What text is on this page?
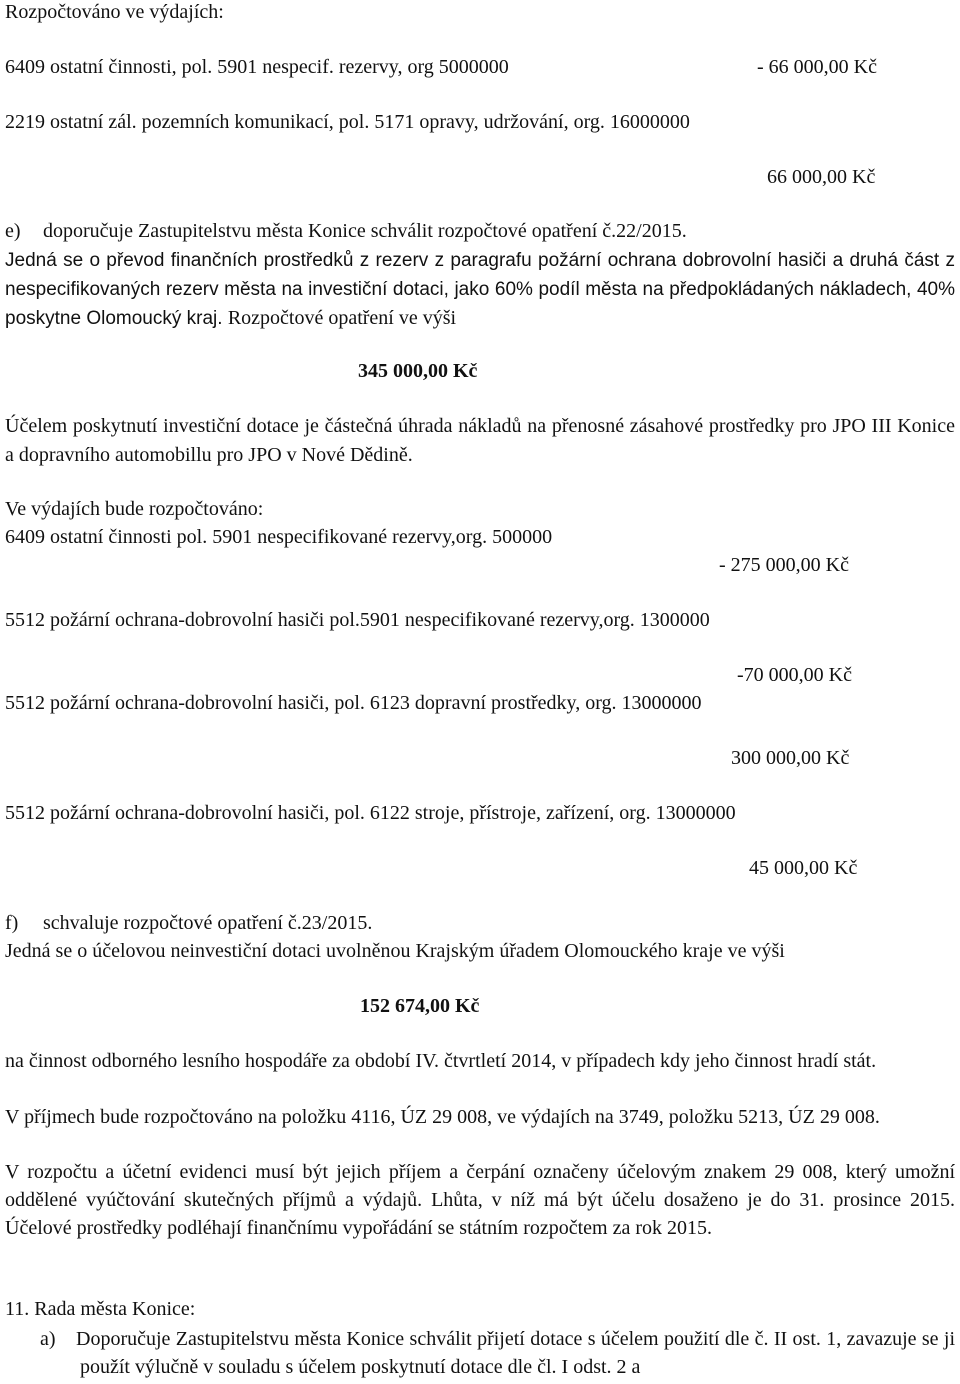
Rozpočtováno ve výdajích:
6409 ostatní činnosti, pol. 5901 nespecif. rezervy, org 5000000	- 66 000,00 Kč
2219 ostatní zál. pozemních komunikací, pol. 5171 opravy, udržování, org. 16000000
66 000,00 Kč
e) doporučuje Zastupitelstvu města Konice schválit rozpočtové opatření č.22/2015.
Jedná se o převod finančních prostředků z rezerv z paragrafu požární ochrana dobrovolní hasiči a druhá část z nespecifikovaných rezerv města na investiční dotaci, jako 60% podíl města na předpokládaných nákladech, 40% poskytne Olomoucký kraj. Rozpočtové opatření ve výši
345 000,00 Kč
Účelem poskytnutí investiční dotace je částečná úhrada nákladů na přenosné zásahové prostředky pro JPO III Konice a dopravního automobillu pro JPO v Nové Dědině.
Ve výdajích bude rozpočtováno:
6409 ostatní činnosti pol. 5901 nespecifikované rezervy,org. 500000
- 275 000,00 Kč
5512 požární ochrana-dobrovolní hasiči pol.5901 nespecifikované rezervy,org. 1300000
-70 000,00 Kč
5512 požární ochrana-dobrovolní hasiči, pol. 6123 dopravní prostředky, org. 13000000
300 000,00 Kč
5512 požární ochrana-dobrovolní hasiči, pol. 6122 stroje, přístroje, zařízení, org. 13000000
45 000,00 Kč
f) schvaluje rozpočtové opatření č.23/2015.
Jedná se o účelovou neinvestiční dotaci uvolněnou Krajským úřadem Olomouckého kraje ve výši
152 674,00 Kč
na činnost odborného lesního hospodáře za období IV. čtvrtletí 2014, v případech kdy jeho činnost hradí stát.
V příjmech bude rozpočtováno na položku 4116, ÚZ 29 008, ve výdajích na 3749, položku 5213, ÚZ 29 008.
V rozpočtu a účetní evidenci musí být jejich příjem a čerpání označeny účelovým znakem 29 008, který umožní oddělené vyúčtování skutečných příjmů a výdajů. Lhůta, v níž má být účelu dosaženo je do 31. prosince 2015. Účelové prostředky podléhají finančnímu vypořádání se státním rozpočtem za rok 2015.
11. Rada města Konice:
a) Doporučuje Zastupitelstvu města Konice schválit přijetí dotace s účelem použití dle č. II ost. 1, zavazuje se ji použít výlučně v souladu s účelem poskytnutí dotace dle čl. I odst. 2 a
